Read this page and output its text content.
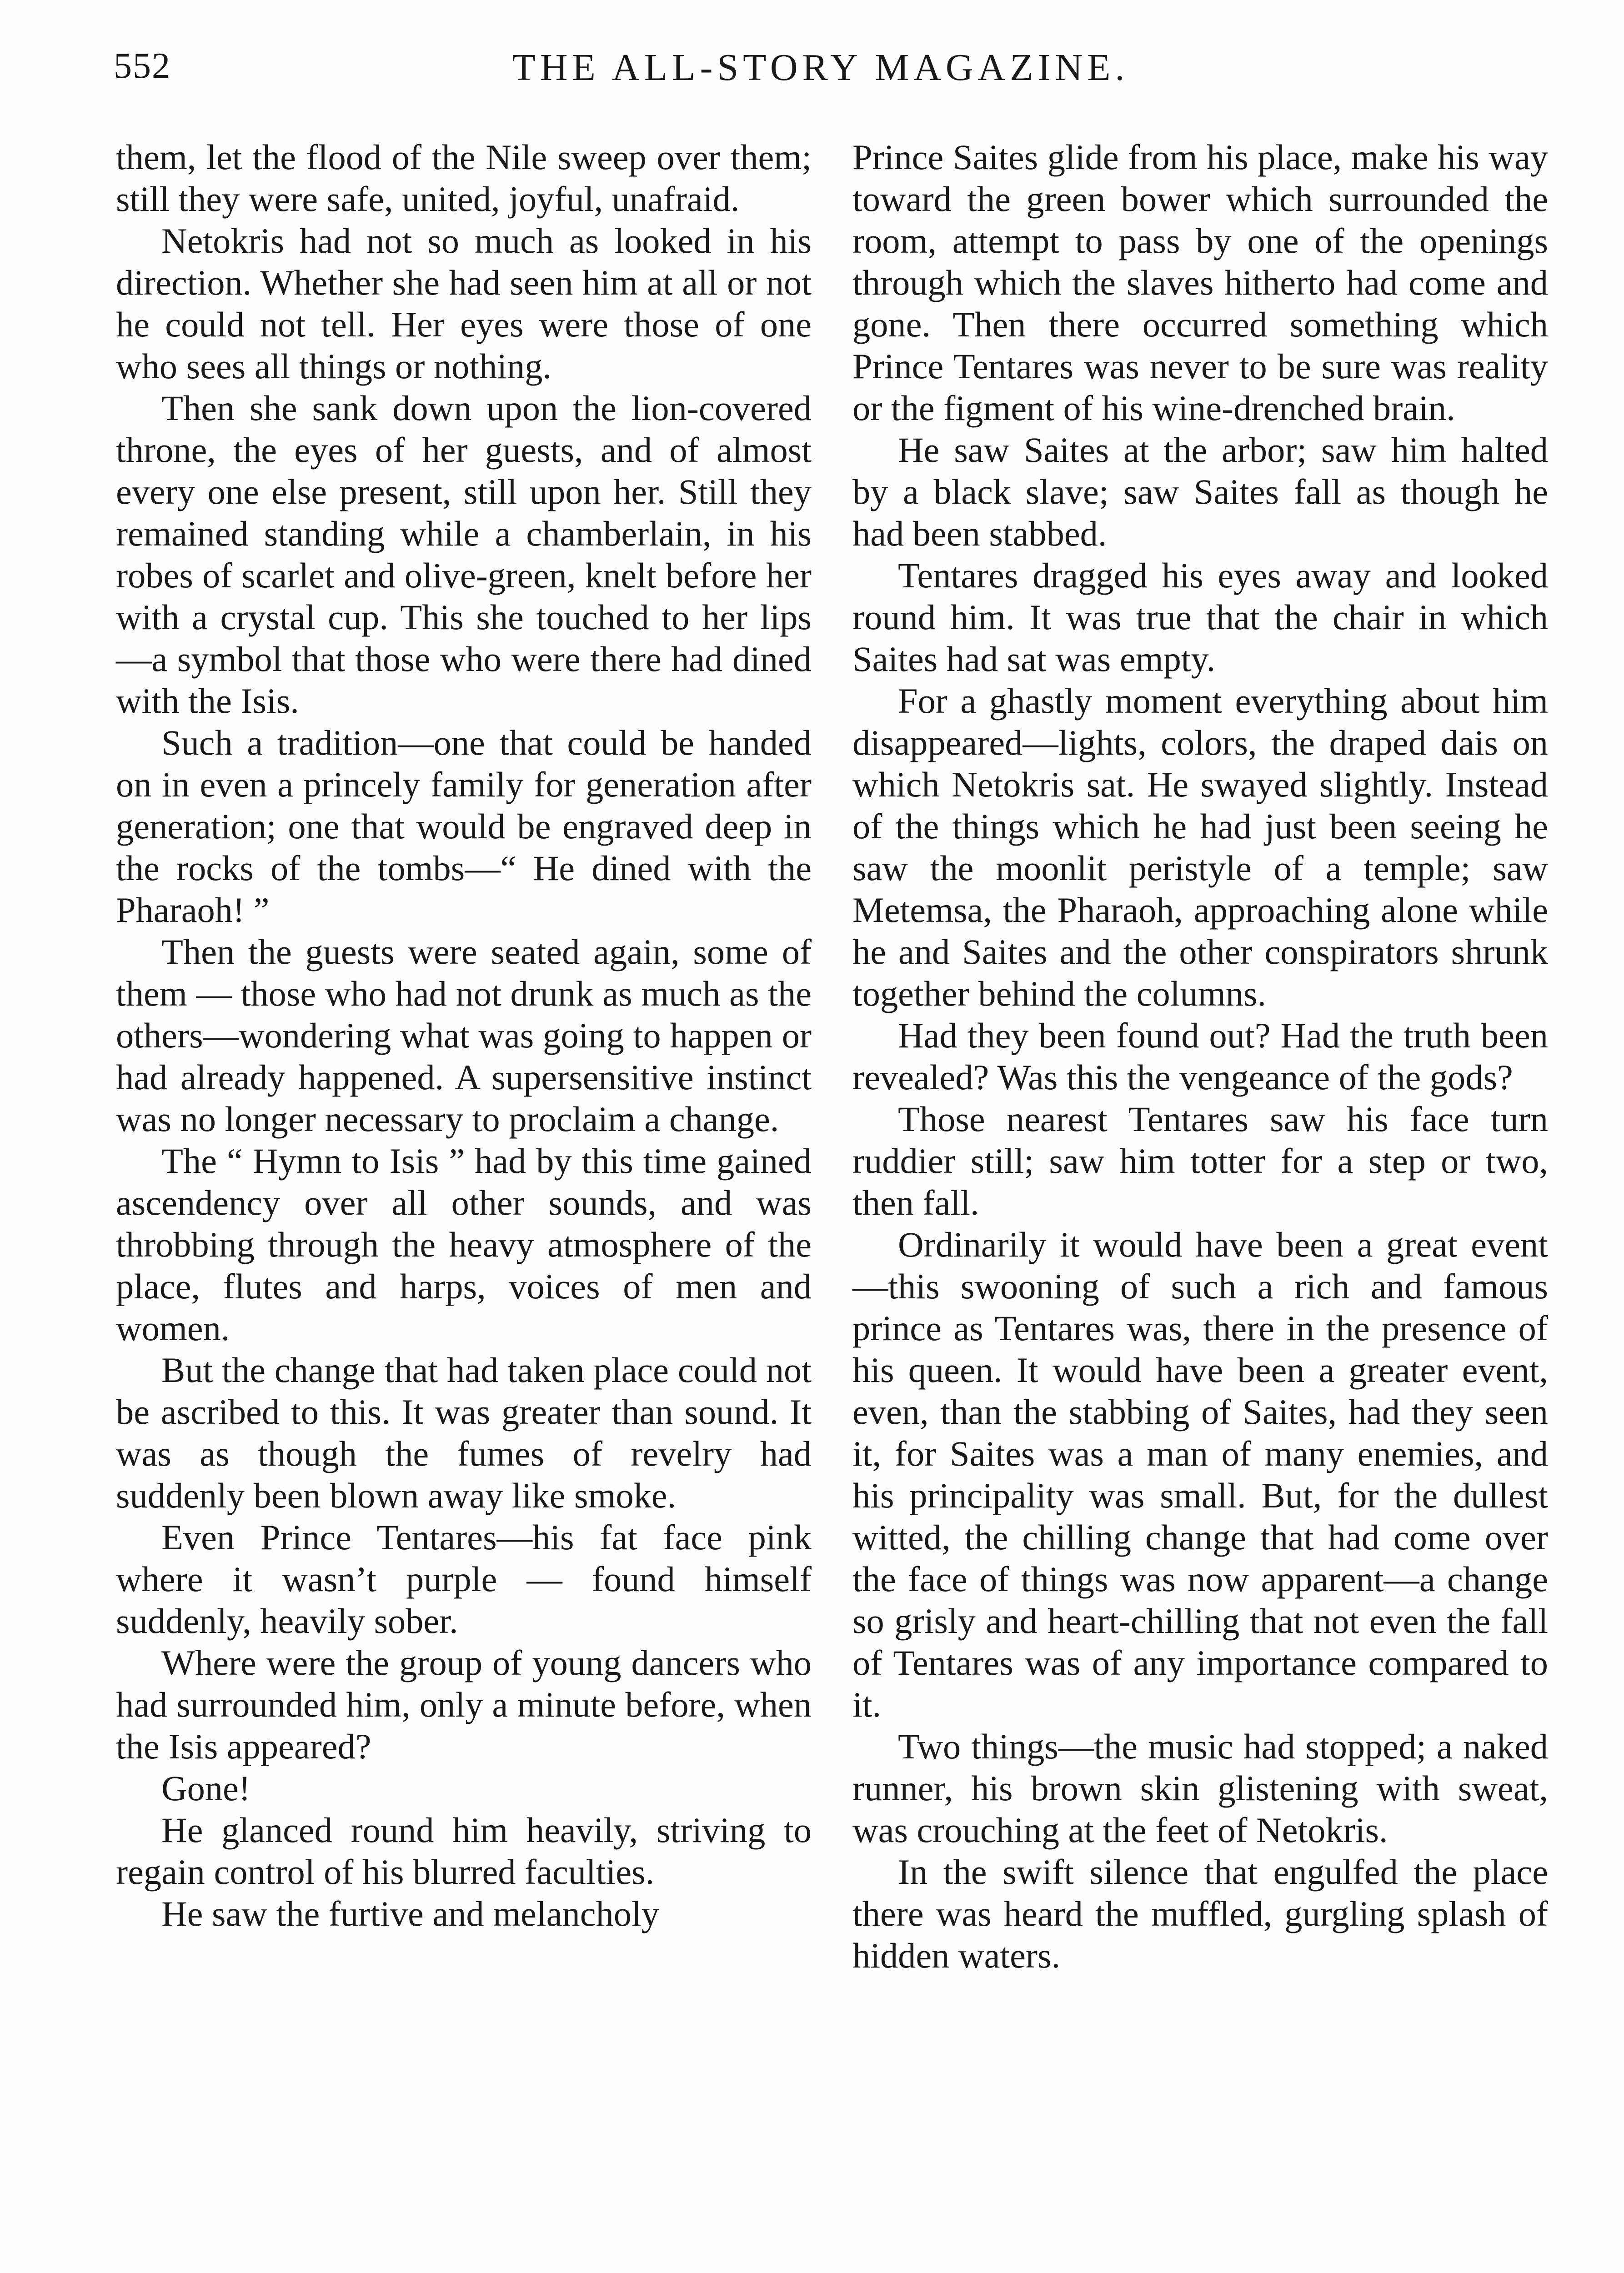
552	THE ALL-STORY MAGAZINE.

them, let the flood of the Nile sweep over them; still they were safe, united, joyful, unafraid.

Netokris had not so much as looked in his direction. Whether she had seen him at all or not he could not tell. Her eyes were those of one who sees all things or nothing.

Then she sank down upon the lion-covered throne, the eyes of her guests, and of almost every one else present, still upon her. Still they remained standing while a chamberlain, in his robes of scarlet and olive-green, knelt before her with a crystal cup. This she touched to her lips—a symbol that those who were there had dined with the Isis.

Such a tradition—one that could be handed on in even a princely family for generation after generation; one that would be engraved deep in the rocks of the tombs—“ He dined with the Pharaoh! ”

Then the guests were seated again, some of them — those who had not drunk as much as the others—wondering what was going to happen or had already happened. A supersensitive instinct was no longer necessary to proclaim a change.

The “ Hymn to Isis ” had by this time gained ascendency over all other sounds, and was throbbing through the heavy atmosphere of the place, flutes and harps, voices of men and women.

But the change that had taken place could not be ascribed to this. It was greater than sound. It was as though the fumes of revelry had suddenly been blown away like smoke.

Even Prince Tentares—his fat face pink where it wasn’t purple — found himself suddenly, heavily sober.

Where were the group of young dancers who had surrounded him, only a minute before, when the Isis appeared?

Gone!

He glanced round him heavily, striving to regain control of his blurred faculties.

He saw the furtive and melancholy

Prince Saites glide from his place, make his way toward the green bower which surrounded the room, attempt to pass by one of the openings through which the slaves hitherto had come and gone. Then there occurred something which Prince Tentares was never to be sure was reality or the figment of his wine-drenched brain.

He saw Saites at the arbor; saw him halted by a black slave; saw Saites fall as though he had been stabbed.

Tentares dragged his eyes away and looked round him. It was true that the chair in which Saites had sat was empty.

For a ghastly moment everything about him disappeared—lights, colors, the draped dais on which Netokris sat. He swayed slightly. Instead of the things which he had just been seeing he saw the moonlit peristyle of a temple; saw Metemsa, the Pharaoh, approaching alone while he and Saites and the other conspirators shrunk together behind the columns.

Had they been found out? Had the truth been revealed? Was this the vengeance of the gods?

Those nearest Tentares saw his face turn ruddier still; saw him totter for a step or two, then fall.

Ordinarily it would have been a great event—this swooning of such a rich and famous prince as Tentares was, there in the presence of his queen. It would have been a greater event, even, than the stabbing of Saites, had they seen it, for Saites was a man of many enemies, and his principality was small. But, for the dullest witted, the chilling change that had come over the face of things was now apparent—a change so grisly and heart-chilling that not even the fall of Tentares was of any importance compared to it.

Two things—the music had stopped; a naked runner, his brown skin glistening with sweat, was crouching at the feet of Netokris.

In the swift silence that engulfed the place there was heard the muffled, gurgling splash of hidden waters.
